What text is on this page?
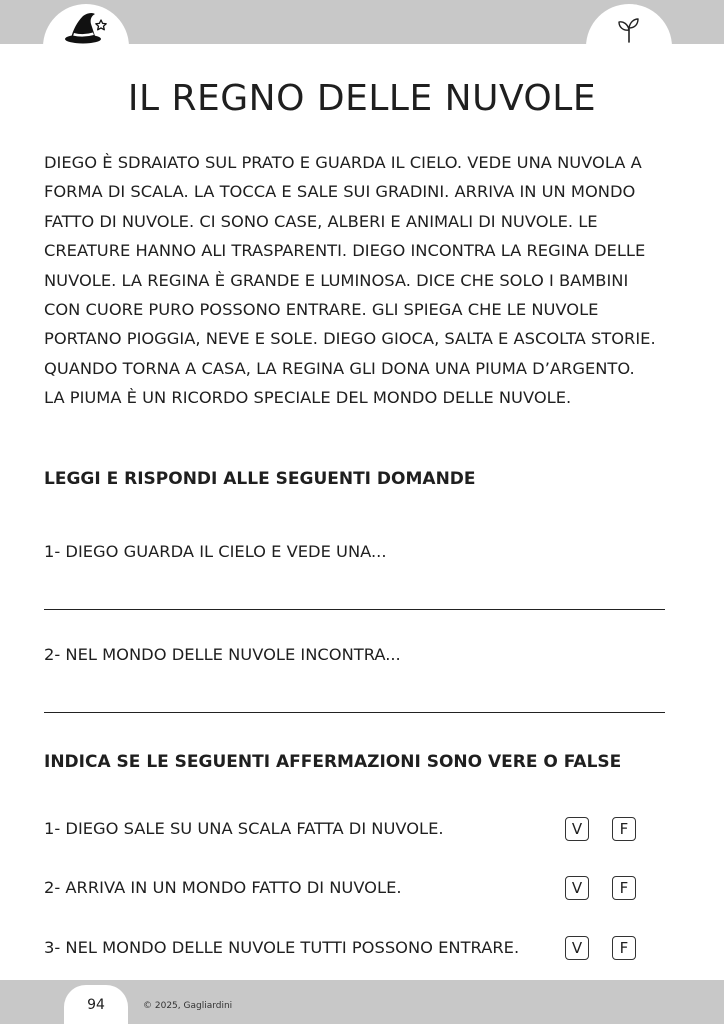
IL REGNO DELLE NUVOLE
DIEGO È SDRAIATO SUL PRATO E GUARDA IL CIELO. VEDE UNA NUVOLA A
FORMA DI SCALA. LA TOCCA E SALE SUI GRADINI. ARRIVA IN UN MONDO
FATTO DI NUVOLE. CI SONO CASE, ALBERI E ANIMALI DI NUVOLE. LE
CREATURE HANNO ALI TRASPARENTI. DIEGO INCONTRA LA REGINA DELLE
NUVOLE. LA REGINA È GRANDE E LUMINOSA. DICE CHE SOLO I BAMBINI
CON CUORE PURO POSSONO ENTRARE. GLI SPIEGA CHE LE NUVOLE
PORTANO PIOGGIA, NEVE E SOLE. DIEGO GIOCA, SALTA E ASCOLTA STORIE.
QUANDO TORNA A CASA, LA REGINA GLI DONA UNA PIUMA D’ARGENTO.
LA PIUMA È UN RICORDO SPECIALE DEL MONDO DELLE NUVOLE.
LEGGI E RISPONDI ALLE SEGUENTI DOMANDE

1- DIEGO GUARDA IL CIELO E VEDE UNA...

2- NEL MONDO DELLE NUVOLE INCONTRA...

INDICA SE LE SEGUENTI AFFERMAZIONI SONO VERE O FALSE
1- DIEGO SALE SU UNA SCALA FATTA DI NUVOLE.	V	F
2- ARRIVA IN UN MONDO FATTO DI NUVOLE.	V	F
3- NEL MONDO DELLE NUVOLE TUTTI POSSONO ENTRARE.	V	F
94	© 2025, Gagliardini
